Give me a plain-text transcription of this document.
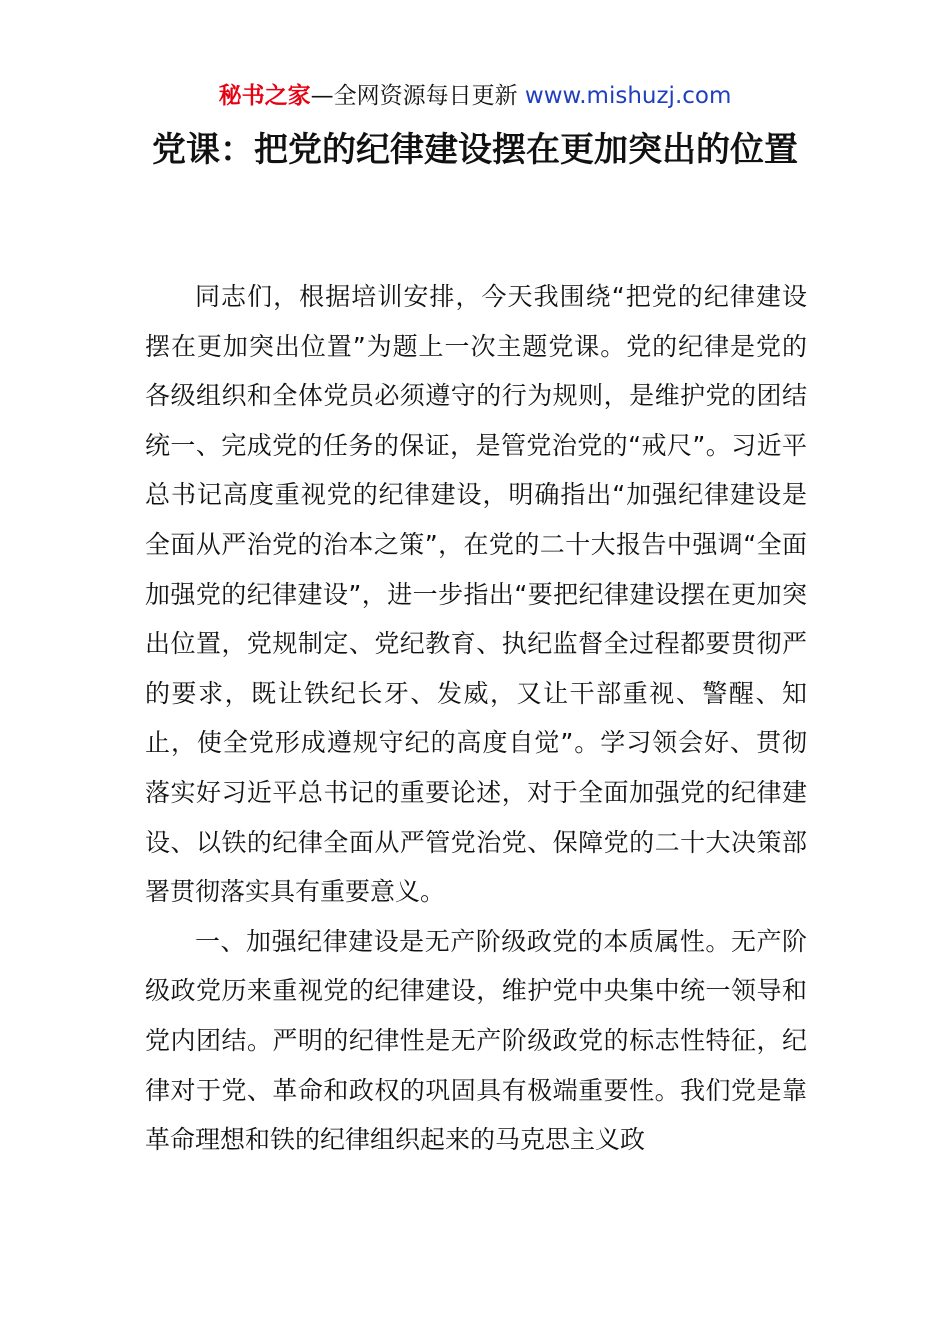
秘书之家—全网资源每日更新 www.mishuzj.com
党课：把党的纪律建设摆在更加突出的位置

同志们，根据培训安排，今天我围绕“把党的纪律建设摆在更加突出位置”为题上一次主题党课。党的纪律是党的各级组织和全体党员必须遵守的行为规则，是维护党的团结统一、完成党的任务的保证，是管党治党的“戒尺”。习近平总书记高度重视党的纪律建设，明确指出“加强纪律建设是全面从严治党的治本之策”，在党的二十大报告中强调“全面加强党的纪律建设”，进一步指出“要把纪律建设摆在更加突出位置，党规制定、党纪教育、执纪监督全过程都要贯彻严的要求，既让铁纪长牙、发威，又让干部重视、警醒、知止，使全党形成遵规守纪的高度自觉”。学习领会好、贯彻落实好习近平总书记的重要论述，对于全面加强党的纪律建设、以铁的纪律全面从严管党治党、保障党的二十大决策部署贯彻落实具有重要意义。

一、加强纪律建设是无产阶级政党的本质属性。无产阶级政党历来重视党的纪律建设，维护党中央集中统一领导和党内团结。严明的纪律性是无产阶级政党的标志性特征，纪律对于党、革命和政权的巩固具有极端重要性。我们党是靠革命理想和铁的纪律组织起来的马克思主义政
